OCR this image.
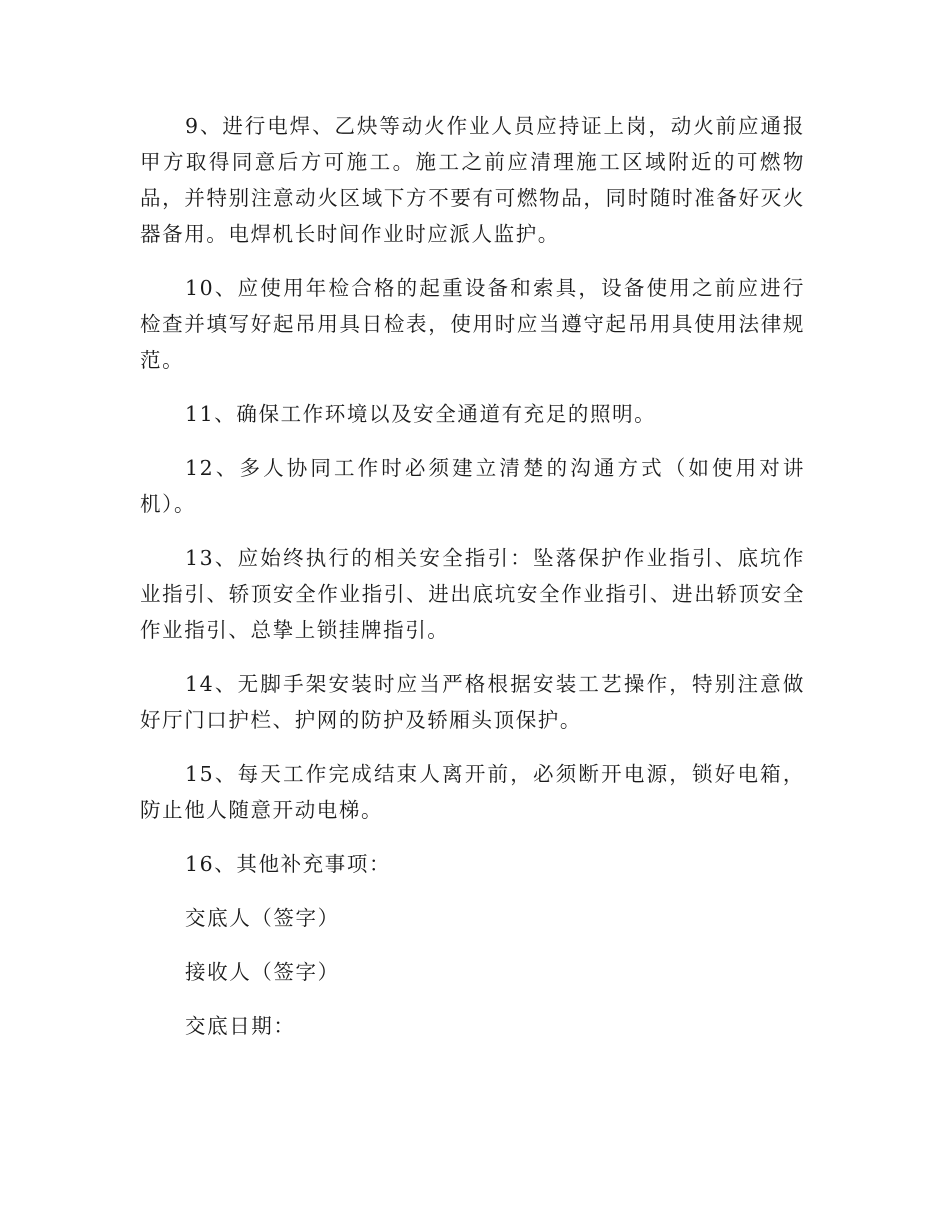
9、进行电焊、乙炔等动火作业人员应持证上岗，动火前应通报甲方取得同意后方可施工。施工之前应清理施工区域附近的可燃物品，并特别注意动火区域下方不要有可燃物品，同时随时准备好灭火器备用。电焊机长时间作业时应派人监护。

10、应使用年检合格的起重设备和索具，设备使用之前应进行检查并填写好起吊用具日检表，使用时应当遵守起吊用具使用法律规范。

11、确保工作环境以及安全通道有充足的照明。

12、多人协同工作时必须建立清楚的沟通方式（如使用对讲机）。

13、应始终执行的相关安全指引：坠落保护作业指引、底坑作业指引、轿顶安全作业指引、进出底坑安全作业指引、进出轿顶安全作业指引、总挚上锁挂牌指引。

14、无脚手架安装时应当严格根据安装工艺操作，特别注意做好厅门口护栏、护网的防护及轿厢头顶保护。

15、每天工作完成结束人离开前，必须断开电源，锁好电箱，防止他人随意开动电梯。

16、其他补充事项：

交底人（签字）

接收人（签字）

交底日期：
